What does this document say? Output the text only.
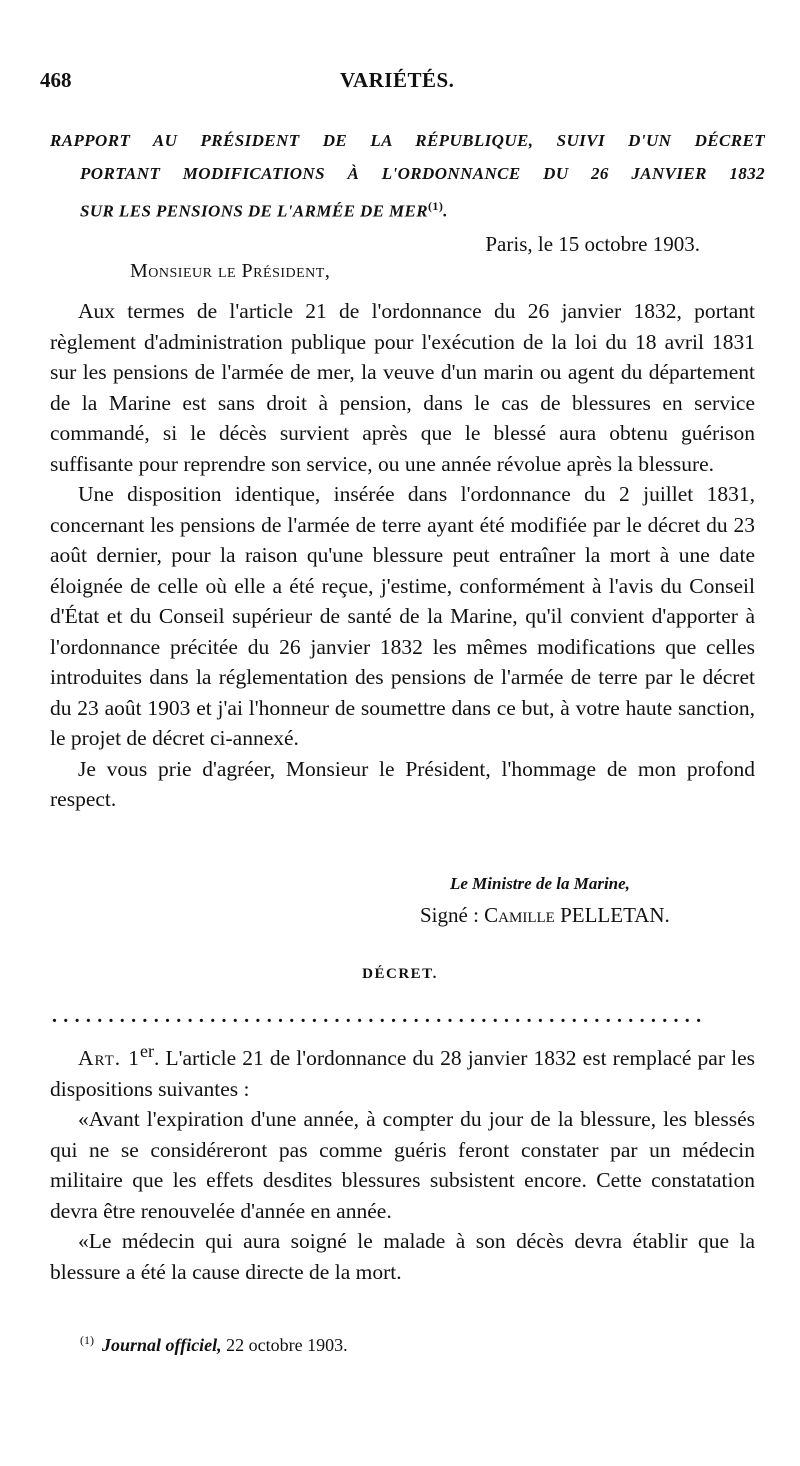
468	VARIÉTÉS.
RAPPORT AU PRÉSIDENT DE LA RÉPUBLIQUE, SUIVI D'UN DÉCRET
PORTANT MODIFICATIONS À L'ORDONNANCE DU 26 JANVIER 1832
SUR LES PENSIONS DE L'ARMÉE DE MER$^{(1)}$.
Paris, le 15 octobre 1903.
Monsieur le Président,

Aux termes de l'article 21 de l'ordonnance du 26 janvier 1832, portant règlement d'administration publique pour l'exécution de la loi du 18 avril 1831 sur les pensions de l'armée de mer, la veuve d'un marin ou agent du département de la Marine est sans droit à pension, dans le cas de blessures en service commandé, si le décès survient après que le blessé aura obtenu guérison suffisante pour reprendre son service, ou une année révolue après la blessure.

Une disposition identique, insérée dans l'ordonnance du 2 juillet 1831, concernant les pensions de l'armée de terre ayant été modifiée par le décret du 23 août dernier, pour la raison qu'une blessure peut entraîner la mort à une date éloignée de celle où elle a été reçue, j'estime, conformément à l'avis du Conseil d'État et du Conseil supérieur de santé de la Marine, qu'il convient d'apporter à l'ordonnance précitée du 26 janvier 1832 les mêmes modifications que celles introduites dans la réglementation des pensions de l'armée de terre par le décret du 23 août 1903 et j'ai l'honneur de soumettre dans ce but, à votre haute sanction, le projet de décret ci-annexé.

Je vous prie d'agréer, Monsieur le Président, l'hommage de mon profond respect.

Le Ministre de la Marine,
Signé : Camille PELLETAN.
DÉCRET.
..........................................................

Art. 1er. L'article 21 de l'ordonnance du 28 janvier 1832 est remplacé par les dispositions suivantes :

«Avant l'expiration d'une année, à compter du jour de la blessure, les blessés qui ne se considéreront pas comme guéris feront constater par un médecin militaire que les effets desdites blessures subsistent encore. Cette constatation devra être renouvelée d'année en année.

«Le médecin qui aura soigné le malade à son décès devra établir que la blessure a été la cause directe de la mort.

$^{(1)}$ Journal officiel, 22 octobre 1903.
